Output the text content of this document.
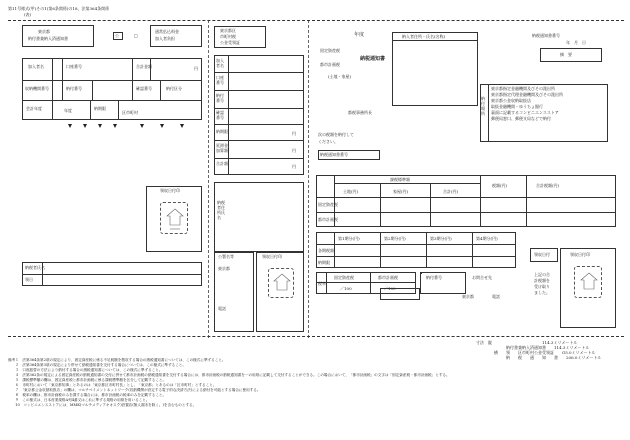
第11号様式(甲)その1(第6条関係)の18、法第364条関係
(表)
東京都
納付書兼納入済通知書
公	□
通常払込料金
加入者負担
加入者名	口座番号	合計金額	円
収納機関番号	納付番号	確認番号	納付区分
会計年度	年度	納期限
区市町村
領収日付印
納税者氏名
領日
東京都区
市町村税
公金受領証
加入者名
口座番号
納付番号
確認番号
納期限
延滞金加算額
合計額
円
円
円
納税者住所氏名
公署名等
東京都
電話
領収日付印
年度
固定資産税
都市計画税
(土地・家屋)
納税通知書
納入者住所・氏名(名称)	納税通知書番号
年　月　日
摘　要
都税事務所長
納付場所
東京都指定金融機関及びその派出所
東京都指定代理金融機関及びその派出所
東京都公金収納取扱店
取扱金融機関・ゆうちょ銀行
裏面に記載するコンビニエンスストア
郵便局窓口、郵便支局などで納付
次の税額を納付して
ください。
納税通知書番号
課税標準額
土地(円)	家屋(円)	合計(円)
税額(円)	合計税額(円)
固定資産税
都市計画税
第1期分(円)	第2期分(円)	第3期分(円)	第4期分(円)
各期税額
納期限
税率
固定資産税	都市計画税
／100	／100
納付番号	お問合せ先
東京都	電話
領収日付
上記の合
計税額を
受け取り
ました。
領収日付印
寸法　縦	114.3ミリメートル
納付書兼納入済通知書　　114.3ミリメートル
横 領　　区市町村公金受領証　　G5.0ミリメートル
納　　税　　通　　知　　書　　206.0ミリメートル
備考１　法第364条第2項の規定により、固定資産税に係る不足税額を徴収する場合の納税通知書については、この様式に準ずること。
　　２　法第364条第3項の規定により併せて納税通知書を交付する場合については、この様式に準ずること。
　　３　口座振替の方法により納付する場合の納税通知書については、この様式に準ずること。
　　４　法第362条の規定による固定資産税の納税通知書の交付に併せて都市計画税の納税通知書を交付する場合には、都市計画税の納税通知書を一の用紙に記載して交付することができる。この場合において、「都市計画税」の文字は「固定資産税・都市計画税」とする。
　　５　課税標準額の欄は、固定資産税と都市計画税に係る課税標準額を区分して記載すること。
　　６　市町村において「東京都知事」とあるのは「東京都区市町村長」とし、「東京都」とあるのは「区市町村」とすること。
　　７　「東京都公金収納取扱店」の欄は、マルチペイメントネットワーク(収納機関が設定する電子的な決済方法)による納付を可能とする場合に使用する。
　　８　税率の欄は、都市計画税のみを課する場合には、都市計画税の税率のみを記載すること。
　　９　この様式は、日本産業規格A列4番又はこれに準ずる規格の用紙を用いること。
　　10　コンビニエンスストアには、MMK(マルチメディアキオスク)設置店(無人端末を除く。)を含むものとする。
